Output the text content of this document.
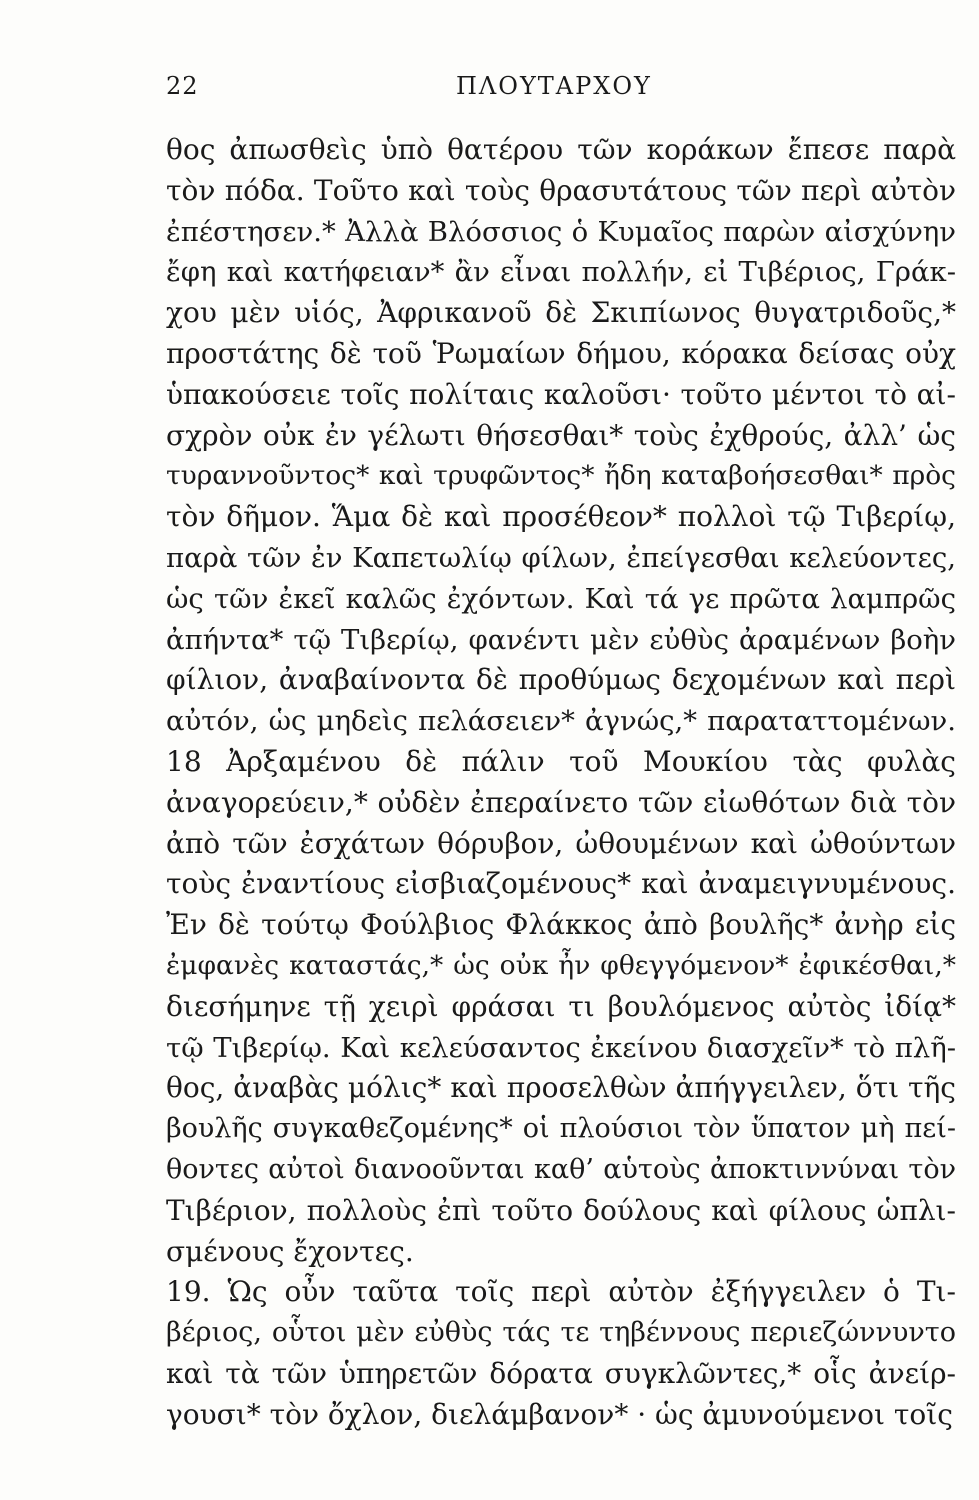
22	ΠΛΟΥΤΑΡΧΟΥ
θος ἀπωσθεὶς ὑπὸ θατέρου τῶν κοράκων ἔπεσε παρὰ
τὸν πόδα. Τοῦτο καὶ τοὺς θρασυτάτους τῶν περὶ αὐτὸν
ἐπέστησεν.* Ἀλλὰ Βλόσσιος ὁ Κυμαῖος παρὼν αἰσχύνην
ἔφη καὶ κατήφειαν* ἂν εἶναι πολλήν, εἰ Τιβέριος, Γράκ-
χου μὲν υἱός, Ἀφρικανοῦ δὲ Σκιπίωνος θυγατριδοῦς,*
προστάτης δὲ τοῦ Ῥωμαίων δήμου, κόρακα δείσας οὐχ
ὑπακούσειε τοῖς πολίταις καλοῦσι· τοῦτο μέντοι τὸ αἰ-
σχρὸν οὐκ ἐν γέλωτι θήσεσθαι* τοὺς ἐχθρούς, ἀλλ’ ὡς
τυραννοῦντος* καὶ τρυφῶντος* ἤδη καταβοήσεσθαι* πρὸς
τὸν δῆμον. Ἅμα δὲ καὶ προσέθεον* πολλοὶ τῷ Τιβερίῳ,
παρὰ τῶν ἐν Καπετωλίῳ φίλων, ἐπείγεσθαι κελεύοντες,
ὡς τῶν ἐκεῖ καλῶς ἐχόντων. Καὶ τά γε πρῶτα λαμπρῶς
ἀπήντα* τῷ Τιβερίῳ, φανέντι μὲν εὐθὺς ἀραμένων βοὴν
φίλιον, ἀναβαίνοντα δὲ προθύμως δεχομένων καὶ περὶ
αὐτόν, ὡς μηδεὶς πελάσειεν* ἀγνώς,* παραταττομένων.
18 Ἀρξαμένου δὲ πάλιν τοῦ Μουκίου τὰς φυλὰς
ἀναγορεύειν,* οὐδὲν ἐπεραίνετο τῶν εἰωθότων διὰ τὸν
ἀπὸ τῶν ἐσχάτων θόρυβον, ὠθουμένων καὶ ὠθούντων
τοὺς ἐναντίους εἰσβιαζομένους* καὶ ἀναμειγνυμένους.
Ἐν δὲ τούτῳ Φούλβιος Φλάκκος ἀπὸ βουλῆς* ἀνὴρ εἰς
ἐμφανὲς καταστάς,* ὡς οὐκ ἦν φθεγγόμενον* ἐφικέσθαι,*
διεσήμηνε τῇ χειρὶ φράσαι τι βουλόμενος αὐτὸς ἰδίᾳ*
τῷ Τιβερίῳ. Καὶ κελεύσαντος ἐκείνου διασχεῖν* τὸ πλῆ-
θος, ἀναβὰς μόλις* καὶ προσελθὼν ἀπήγγειλεν, ὅτι τῆς
βουλῆς συγκαθεζομένης* οἱ πλούσιοι τὸν ὕπατον μὴ πεί-
θοντες αὐτοὶ διανοοῦνται καθ’ αὑτοὺς ἀποκτιννύναι τὸν
Τιβέριον, πολλοὺς ἐπὶ τοῦτο δούλους καὶ φίλους ὡπλι-
σμένους ἔχοντες.
19. Ὡς οὖν ταῦτα τοῖς περὶ αὐτὸν ἐξήγγειλεν ὁ Τι-
βέριος, οὗτοι μὲν εὐθὺς τάς τε τηβέννους περιεζώννυντο
καὶ τὰ τῶν ὑπηρετῶν δόρατα συγκλῶντες,* οἷς ἀνείρ-
γουσι* τὸν ὄχλον, διελάμβανον* · ὡς ἀμυνούμενοι τοῖς
